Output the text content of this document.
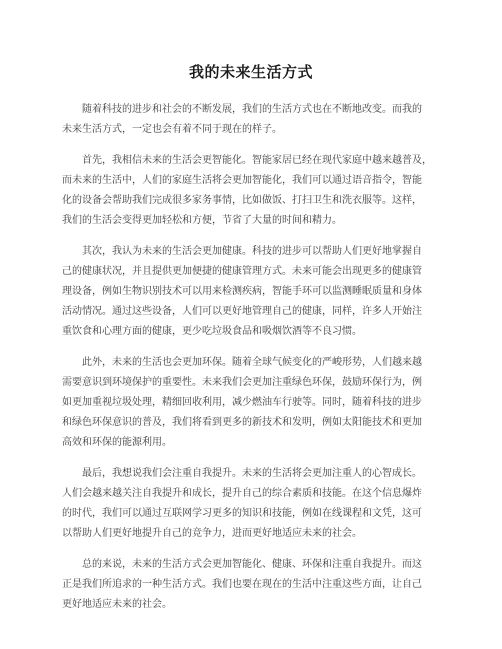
我的未来生活方式
随着科技的进步和社会的不断发展，我们的生活方式也在不断地改变。而我的
未来生活方式，一定也会有着不同于现在的样子。
首先，我相信未来的生活会更智能化。智能家居已经在现代家庭中越来越普及，
而未来的生活中，人们的家庭生活将会更加智能化，我们可以通过语音指令，智能
化的设备会帮助我们完成很多家务事情，比如做饭、打扫卫生和洗衣服等。这样，
我们的生活会变得更加轻松和方便，节省了大量的时间和精力。
其次，我认为未来的生活会更加健康。科技的进步可以帮助人们更好地掌握自
己的健康状况，并且提供更加便捷的健康管理方式。未来可能会出现更多的健康管
理设备，例如生物识别技术可以用来检测疾病，智能手环可以监测睡眠质量和身体
活动情况。通过这些设备，人们可以更好地管理自己的健康，同样，许多人开始注
重饮食和心理方面的健康，更少吃垃圾食品和吸烟饮酒等不良习惯。
此外，未来的生活也会更加环保。随着全球气候变化的严峻形势，人们越来越
需要意识到环境保护的重要性。未来我们会更加注重绿色环保，鼓励环保行为，例
如更加重视垃圾处理，精细回收利用，减少燃油车行驶等。同时，随着科技的进步
和绿色环保意识的普及，我们将看到更多的新技术和发明，例如太阳能技术和更加
高效和环保的能源利用。
最后，我想说我们会注重自我提升。未来的生活将会更加注重人的心智成长。
人们会越来越关注自我提升和成长，提升自己的综合素质和技能。在这个信息爆炸
的时代，我们可以通过互联网学习更多的知识和技能，例如在线课程和文凭，这可
以帮助人们更好地提升自己的竞争力，进而更好地适应未来的社会。
总的来说，未来的生活方式会更加智能化、健康、环保和注重自我提升。而这
正是我们所追求的一种生活方式。我们也要在现在的生活中注重这些方面，让自己
更好地适应未来的社会。
